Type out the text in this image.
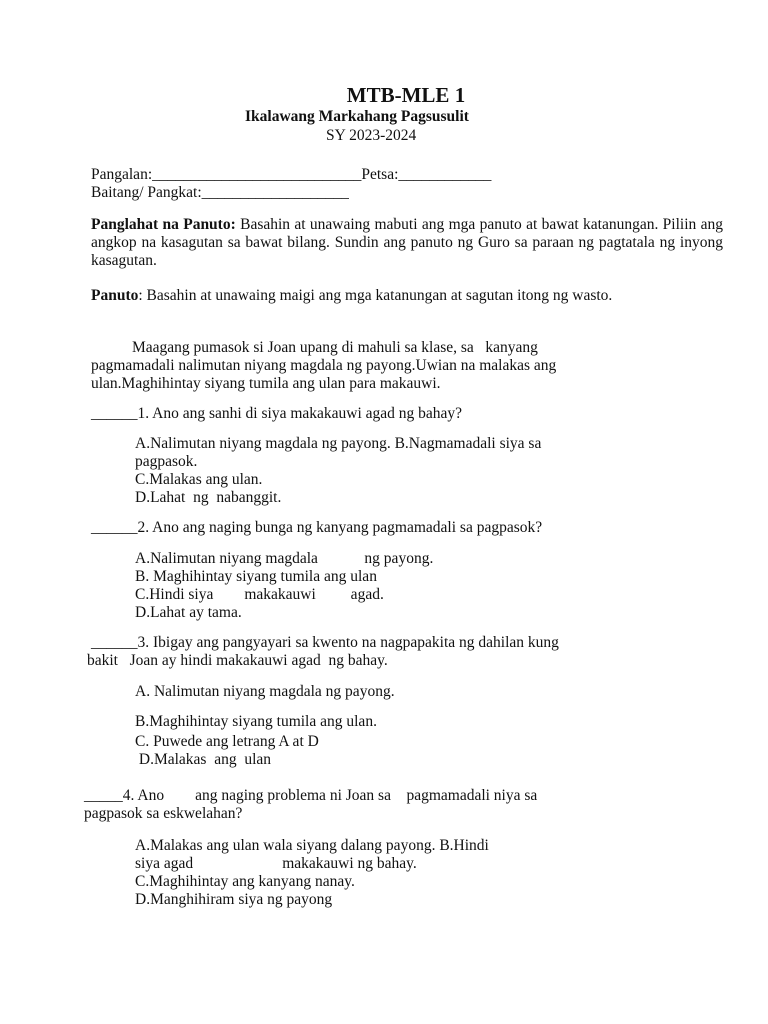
MTB-MLE 1
Ikalawang Markahang Pagsusulit
SY 2023-2024
Pangalan:___________________________Petsa:____________
Baitang/ Pangkat:___________________
Panglahat na Panuto: Basahin at unawaing mabuti ang mga panuto at bawat katanungan. Piliin ang angkop na kasagutan sa bawat bilang. Sundin ang panuto ng Guro sa paraan ng pagtatala ng inyong kasagutan.
Panuto: Basahin at unawaing maigi ang mga katanungan at sagutan itong ng wasto.
Maagang pumasok si Joan upang di mahuli sa klase, sa   kanyang
pagmamadali nalimutan niyang magdala ng payong.Uwian na malakas ang
ulan.Maghihintay siyang tumila ang ulan para makauwi.
______1. Ano ang sanhi di siya makakauwi agad ng bahay?
A.Nalimutan niyang magdala ng payong. B.Nagmamadali siya sa
pagpasok.
C.Malakas ang ulan.
D.Lahat  ng  nabanggit.
______2. Ano ang naging bunga ng kanyang pagmamadali sa pagpasok?
A.Nalimutan niyang magdala            ng payong.
B. Maghihintay siyang tumila ang ulan
C.Hindi siya        makakauwi         agad.
D.Lahat ay tama.
______3. Ibigay ang pangyayari sa kwento na nagpapakita ng dahilan kung
bakit   Joan ay hindi makakauwi agad  ng bahay.
A. Nalimutan niyang magdala ng payong.
B.Maghihintay siyang tumila ang ulan.
C. Puwede ang letrang A at D
D.Malakas  ang  ulan
_____4. Ano        ang naging problema ni Joan sa    pagmamadali niya sa
pagpasok sa eskwelahan?
A.Malakas ang ulan wala siyang dalang payong. B.Hindi
siya agad                       makakauwi ng bahay.
C.Maghihintay ang kanyang nanay.
D.Manghihiram siya ng payong
